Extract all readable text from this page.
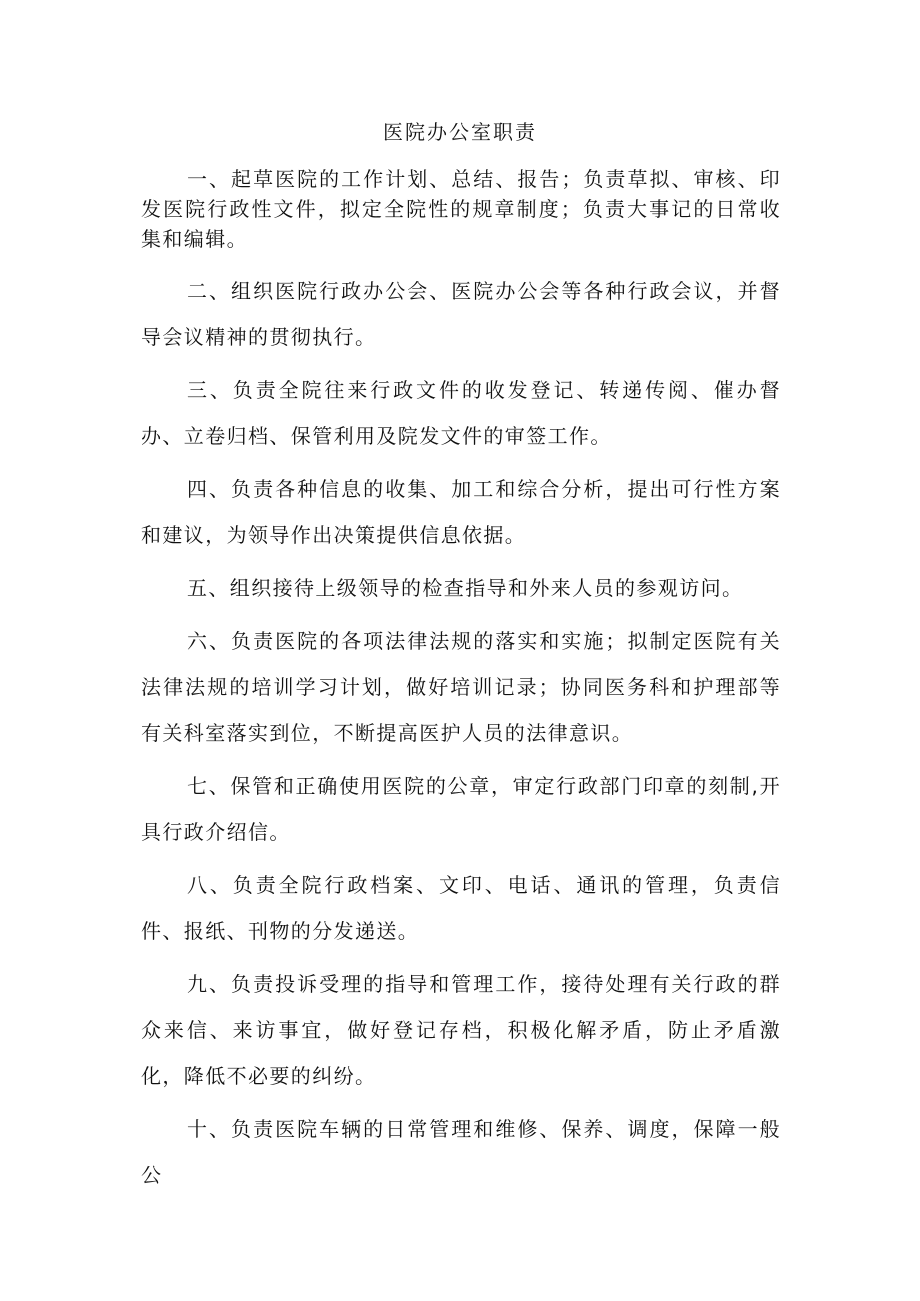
医院办公室职责

一、起草医院的工作计划、总结、报告；负责草拟、审核、印发医院行政性文件，拟定全院性的规章制度；负责大事记的日常收集和编辑。

二、组织医院行政办公会、医院办公会等各种行政会议，并督导会议精神的贯彻执行。

三、负责全院往来行政文件的收发登记、转递传阅、催办督办、立卷归档、保管利用及院发文件的审签工作。

四、负责各种信息的收集、加工和综合分析，提出可行性方案和建议，为领导作出决策提供信息依据。

五、组织接待上级领导的检查指导和外来人员的参观访问。

六、负责医院的各项法律法规的落实和实施；拟制定医院有关法律法规的培训学习计划，做好培训记录；协同医务科和护理部等有关科室落实到位，不断提高医护人员的法律意识。

七、保管和正确使用医院的公章，审定行政部门印章的刻制,开具行政介绍信。

八、负责全院行政档案、文印、电话、通讯的管理，负责信件、报纸、刊物的分发递送。

九、负责投诉受理的指导和管理工作，接待处理有关行政的群众来信、来访事宜，做好登记存档，积极化解矛盾，防止矛盾激化，降低不必要的纠纷。

十、负责医院车辆的日常管理和维修、保养、调度，保障一般公
